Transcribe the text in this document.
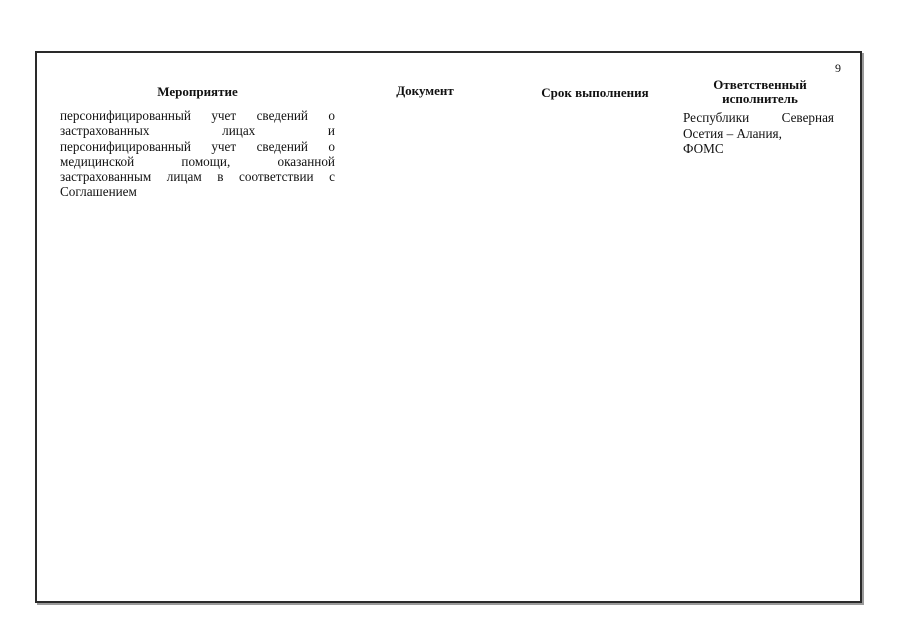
9
Мероприятие	Документ	Срок выполнения
Ответственный исполнитель
персонифицированный учет сведений о
застрахованных лицах и
персонифицированный учет сведений о
медицинской помощи, оказанной
застрахованным лицам в соответствии с
Соглашением
Республики Северная
Осетия – Алания,
ФОМС
